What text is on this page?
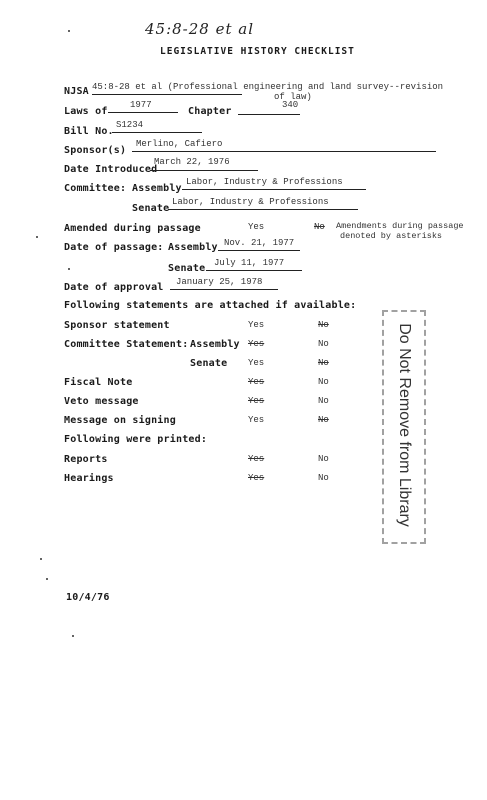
45:8-28 et al
LEGISLATIVE HISTORY CHECKLIST
NJSA 45:8-28 et al (Professional engineering and land survey--revision
of law)
Laws of
1977
Chapter
340
Bill No.
S1234
Sponsor(s)
Merlino, Cafiero
Date Introduced
March 22, 1976
Committee: Assembly
Labor, Industry & Professions
Senate
Labor, Industry & Professions
Amended during passage	Yes	No Amendments during passage
denoted by asterisks
Date of passage: Assembly Nov. 21, 1977
Senate July 11, 1977
Date of approval January 25, 1978
Following statements are attached if available:
Sponsor statement	Yes	No
Committee Statement: Assembly Yes	No
Senate Yes	No
Fiscal Note	Yes	No
Veto message	Yes	No
Message on signing	Yes	No
Following were printed:
Reports	Yes	No
Hearings	Yes	No	Do Not Remove from Library
10/4/76
